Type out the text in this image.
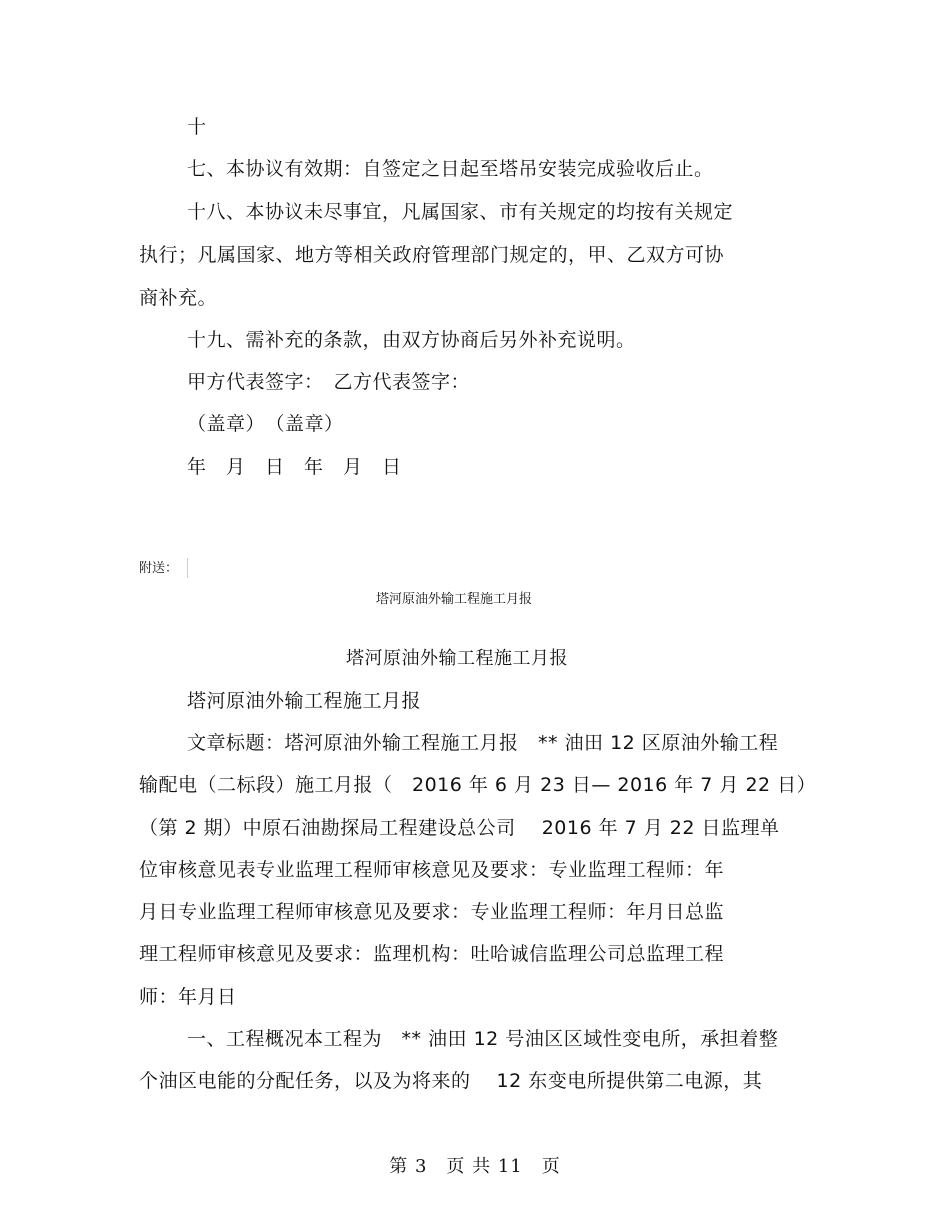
十
七、本协议有效期：自签定之日起至塔吊安装完成验收后止。
十八、本协议未尽事宜，凡属国家、市有关规定的均按有关规定
执行；凡属国家、地方等相关政府管理部门规定的，甲、乙双方可协
商补充。
十九、需补充的条款，由双方协商后另外补充说明。
甲方代表签字：　乙方代表签字：
（盖章）　（盖章）
年　月　日　年　月　日
附送：
塔河原油外输工程施工月报
塔河原油外输工程施工月报
塔河原油外输工程施工月报
文章标题：塔河原油外输工程施工月报　** 油田 12 区原油外输工程
输配电（二标段）施工月报（　2016 年 6 月 23 日— 2016 年 7 月 22 日）
（第 2 期）中原石油勘探局工程建设总公司　 2016 年 7 月 22 日监理单
位审核意见表专业监理工程师审核意见及要求：专业监理工程师：年
月日专业监理工程师审核意见及要求：专业监理工程师：年月日总监
理工程师审核意见及要求：监理机构：吐哈诚信监理公司总监理工程
师：年月日
一、工程概况本工程为　** 油田 12 号油区区域性变电所，承担着整
个油区电能的分配任务，以及为将来的　 12 东变电所提供第二电源，其
第 3　页 共 11　页
